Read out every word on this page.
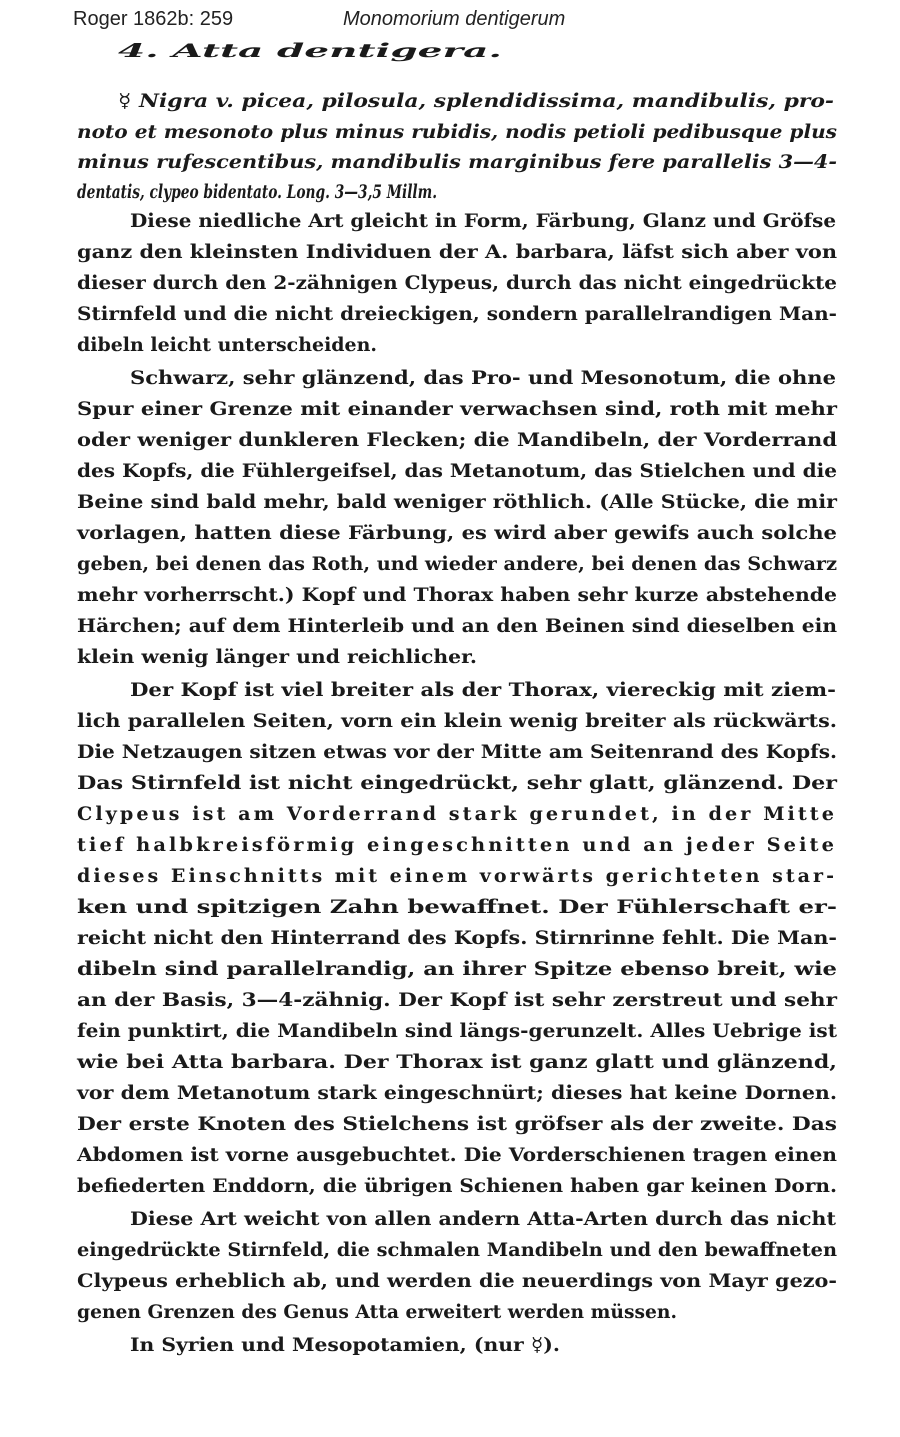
Roger 1862b: 259	Monomorium dentigerum
4. Atta dentigera.
☿ Nigra v. picea, pilosula, splendidissima, mandibulis, pro-
noto et mesonoto plus minus rubidis, nodis petioli pedibusque plus
minus rufescentibus, mandibulis marginibus fere parallelis 3—4-
dentatis, clypeo bidentato. Long. 3—3,5 Millm.
Diese niedliche Art gleicht in Form, Färbung, Glanz und Gröfse
ganz den kleinsten Individuen der A. barbara, läfst sich aber von
dieser durch den 2-zähnigen Clypeus, durch das nicht eingedrückte
Stirnfeld und die nicht dreieckigen, sondern parallelrandigen Man-
dibeln leicht unterscheiden.
Schwarz, sehr glänzend, das Pro- und Mesonotum, die ohne
Spur einer Grenze mit einander verwachsen sind, roth mit mehr
oder weniger dunkleren Flecken; die Mandibeln, der Vorderrand
des Kopfs, die Fühlergeifsel, das Metanotum, das Stielchen und die
Beine sind bald mehr, bald weniger röthlich. (Alle Stücke, die mir
vorlagen, hatten diese Färbung, es wird aber gewifs auch solche
geben, bei denen das Roth, und wieder andere, bei denen das Schwarz
mehr vorherrscht.) Kopf und Thorax haben sehr kurze abstehende
Härchen; auf dem Hinterleib und an den Beinen sind dieselben ein
klein wenig länger und reichlicher.
Der Kopf ist viel breiter als der Thorax, viereckig mit ziem-
lich parallelen Seiten, vorn ein klein wenig breiter als rückwärts.
Die Netzaugen sitzen etwas vor der Mitte am Seitenrand des Kopfs.
Das Stirnfeld ist nicht eingedrückt, sehr glatt, glänzend. Der
Clypeus ist am Vorderrand stark gerundet, in der Mitte
tief halbkreisförmig eingeschnitten und an jeder Seite
dieses Einschnitts mit einem vorwärts gerichteten star-
ken und spitzigen Zahn bewaffnet. Der Fühlerschaft er-
reicht nicht den Hinterrand des Kopfs. Stirnrinne fehlt. Die Man-
dibeln sind parallelrandig, an ihrer Spitze ebenso breit, wie
an der Basis, 3—4-zähnig. Der Kopf ist sehr zerstreut und sehr
fein punktirt, die Mandibeln sind längs-gerunzelt. Alles Uebrige ist
wie bei Atta barbara. Der Thorax ist ganz glatt und glänzend,
vor dem Metanotum stark eingeschnürt; dieses hat keine Dornen.
Der erste Knoten des Stielchens ist gröfser als der zweite. Das
Abdomen ist vorne ausgebuchtet. Die Vorderschienen tragen einen
befiederten Enddorn, die übrigen Schienen haben gar keinen Dorn.
Diese Art weicht von allen andern Atta-Arten durch das nicht
eingedrückte Stirnfeld, die schmalen Mandibeln und den bewaffneten
Clypeus erheblich ab, und werden die neuerdings von Mayr gezo-
genen Grenzen des Genus Atta erweitert werden müssen.
In Syrien und Mesopotamien, (nur ☿).
